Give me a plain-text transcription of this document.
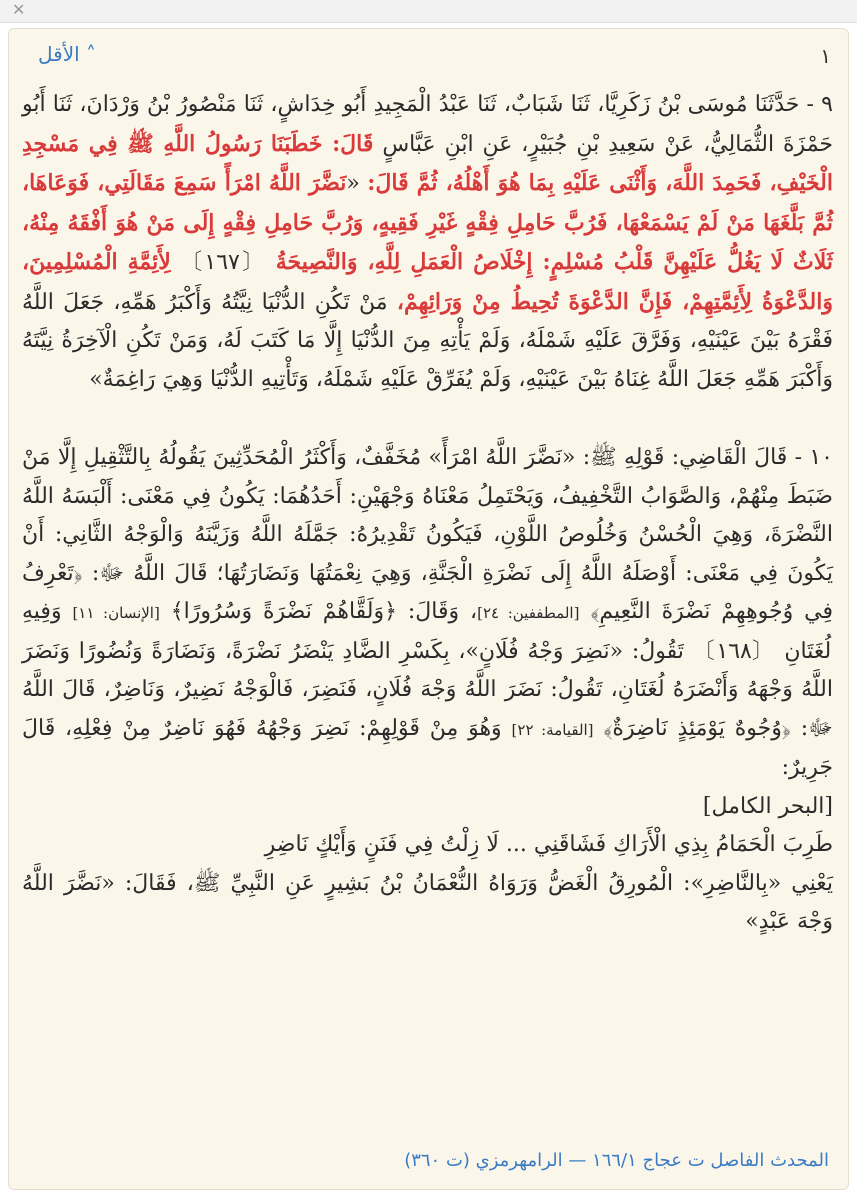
✕
١
الأقل ˄

٩ - حَدَّثَنَا مُوسَى بْنُ زَكَرِيَّا، ثَنَا شَبَابٌ، ثَنَا عَبْدُ الْمَجِيدِ أَبُو خِدَاشٍ، ثَنَا مَنْصُورُ بْنُ وَرْدَانَ، ثَنَا أَبُو حَمْزَةَ الثُّمَالِيُّ، عَنْ سَعِيدِ بْنِ جُبَيْرٍ، عَنِ ابْنِ عَبَّاسٍ قَالَ: خَطَبَنَا رَسُولُ اللَّهِ ﷺ فِي مَسْجِدِ الْخَيْفِ، فَحَمِدَ اللَّهَ، وَأَثْنَى عَلَيْهِ بِمَا هُوَ أَهْلُهُ، ثُمَّ قَالَ: «نَضَّرَ اللَّهُ امْرَأً سَمِعَ مَقَالَتِي، فَوَعَاهَا، ثُمَّ بَلَّغَهَا مَنْ لَمْ يَسْمَعْهَا، فَرُبَّ حَامِلِ فِقْهٍ غَيْرِ فَقِيهٍ، وَرُبَّ حَامِلِ فِقْهٍ إِلَى مَنْ هُوَ أَفْقَهُ مِنْهُ، ثَلَاثٌ لَا يَغُلُّ عَلَيْهِنَّ قَلْبُ مُسْلِمٍ: إِخْلَاصُ الْعَمَلِ لِلَّهِ، وَالنَّصِيحَةُ 〔١٦٧〕 لِأَئِمَّةِ الْمُسْلِمِينَ، وَالدَّعْوَةُ لِأَئِمَّتِهِمْ، فَإِنَّ الدَّعْوَةَ تُحِيطُ مِنْ وَرَائِهِمْ، مَنْ تَكُنِ الدُّنْيَا نِيَّتُهُ وَأَكْبَرُ هَمِّهِ، جَعَلَ اللَّهُ فَقْرَهُ بَيْنَ عَيْنَيْهِ، وَفَرَّقَ عَلَيْهِ شَمْلَهُ، وَلَمْ يَأْتِهِ مِنَ الدُّنْيَا إِلَّا مَا كَتَبَ لَهُ، وَمَنْ تَكُنِ الْآخِرَةُ نِيَّتَهُ وَأَكْبَرَ هَمِّهِ جَعَلَ اللَّهُ غِنَاهُ بَيْنَ عَيْنَيْهِ، وَلَمْ يُفَرِّقْ عَلَيْهِ شَمْلَهُ، وَتَأْتِيهِ الدُّنْيَا وَهِيَ رَاغِمَةٌ»

١٠ - قَالَ الْقَاضِي: قَوْلِهِ ﷺ: «نَضَّرَ اللَّهُ امْرَأً» مُخَفَّفٌ، وَأَكْثَرُ الْمُحَدِّثِينَ يَقُولُهُ بِالتَّثْقِيلِ إِلَّا مَنْ ضَبَطَ مِنْهُمْ، وَالصَّوَابُ التَّخْفِيفُ، وَيَحْتَمِلُ مَعْنَاهُ وَجْهَيْنِ: أَحَدُهُمَا: يَكُونُ فِي مَعْنَى: أَلْبَسَهُ اللَّهُ النَّضْرَةَ، وَهِيَ الْحُسْنُ وَخُلُوصُ اللَّوْنِ، فَيَكُونُ تَقْدِيرُهُ: جَمَّلَهُ اللَّهُ وَزَيَّنَهُ وَالْوَجْهُ الثَّانِي: أَنْ يَكُونَ فِي مَعْنَى: أَوْصَلَهُ اللَّهُ إِلَى نَضْرَةِ الْجَنَّةِ، وَهِيَ نِعْمَتُهَا وَنَضَارَتُهَا؛ قَالَ اللَّهُ ﷻ: ﴿تَعْرِفُ فِي وُجُوهِهِمْ نَضْرَةَ النَّعِيمِ﴾ [المطففين: ٢٤]، وَقَالَ: ﴿وَلَقَّاهُمْ نَضْرَةً وَسُرُورًا﴾ [الإنسان: ١١] وَفِيهِ لُغَتَانِ 〔١٦٨〕 تَقُولُ: «نَضِرَ وَجْهُ فُلَانٍ»، بِكَسْرِ الضَّادِ يَنْضَرُ نَضْرَةً، وَنَضَارَةً وَنُضُورًا وَنَضَرَ اللَّهُ وَجْهَهُ وَأَنْضَرَهُ لُغَتَانِ، تَقُولُ: نَضَرَ اللَّهُ وَجْهَ فُلَانٍ، فَنَضِرَ، فَالْوَجْهُ نَضِيرٌ، وَنَاضِرٌ، قَالَ اللَّهُ ﷻ: ﴿وُجُوهٌ يَوْمَئِذٍ نَاضِرَةٌ﴾ [القيامة: ٢٢] وَهُوَ مِنْ قَوْلِهِمْ: نَضِرَ وَجْهُهُ فَهُوَ نَاضِرٌ مِنْ فِعْلِهِ، قَالَ جَرِيرٌ:

[البحر الكامل]

طَرِبَ الْحَمَامُ بِذِي الْأَرَاكِ فَشَاقَنِي ... لَا زِلْتُ فِي فَنَنٍ وَأَيْكٍ نَاضِرِ

يَعْنِي «بِالنَّاضِرِ»: الْمُورِقُ الْغَضُّ وَرَوَاهُ النُّعْمَانُ بْنُ بَشِيرٍ عَنِ النَّبِيِّ ﷺ، فَقَالَ: «نَضَّرَ اللَّهُ وَجْهَ عَبْدٍ»

المحدث الفاصل ت عجاج ١٦٦/١ — الرامهرمزي (ت ٣٦٠)
